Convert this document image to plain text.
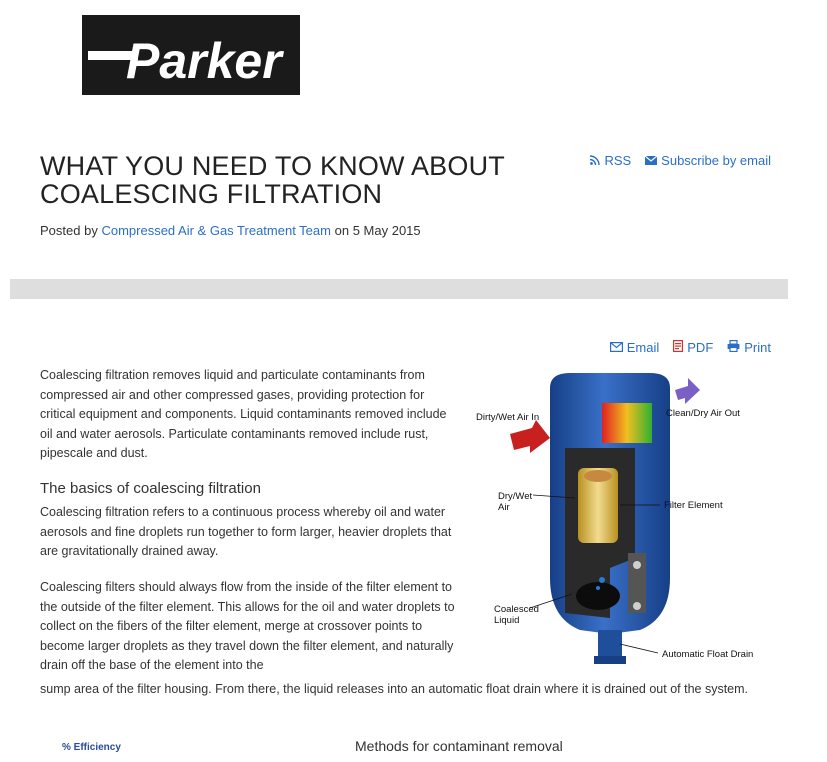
Parker
RSS Subscribe by email
WHAT YOU NEED TO KNOW ABOUT COALESCING FILTRATION
Posted by Compressed Air & Gas Treatment Team on 5 May 2015
Email PDF Print

Coalescing filtration removes liquid and particulate contaminants from compressed air and other compressed gases, providing protection for critical equipment and components. Liquid contaminants removed include oil and water aerosols. Particulate contaminants removed include rust, pipescale and dust.

The basics of coalescing filtration

Coalescing filtration refers to a continuous process whereby oil and water aerosols and fine droplets run together to form larger, heavier droplets that are gravitationally drained away.

Coalescing filters should always flow from the inside of the filter element to the outside of the filter element. This allows for the oil and water droplets to collect on the fibers of the filter element, merge at crossover points to become larger droplets as they travel down the filter element, and naturally drain off the base of the element into the

sump area of the filter housing. From there, the liquid releases into an automatic float drain where it is drained out of the system.

Dirty/Wet Air In	Clean/Dry Air Out
Dry/Wet Air	Filter Element
Coalesced Liquid
Automatic Float Drain
% Efficiency	Methods for contaminant removal
